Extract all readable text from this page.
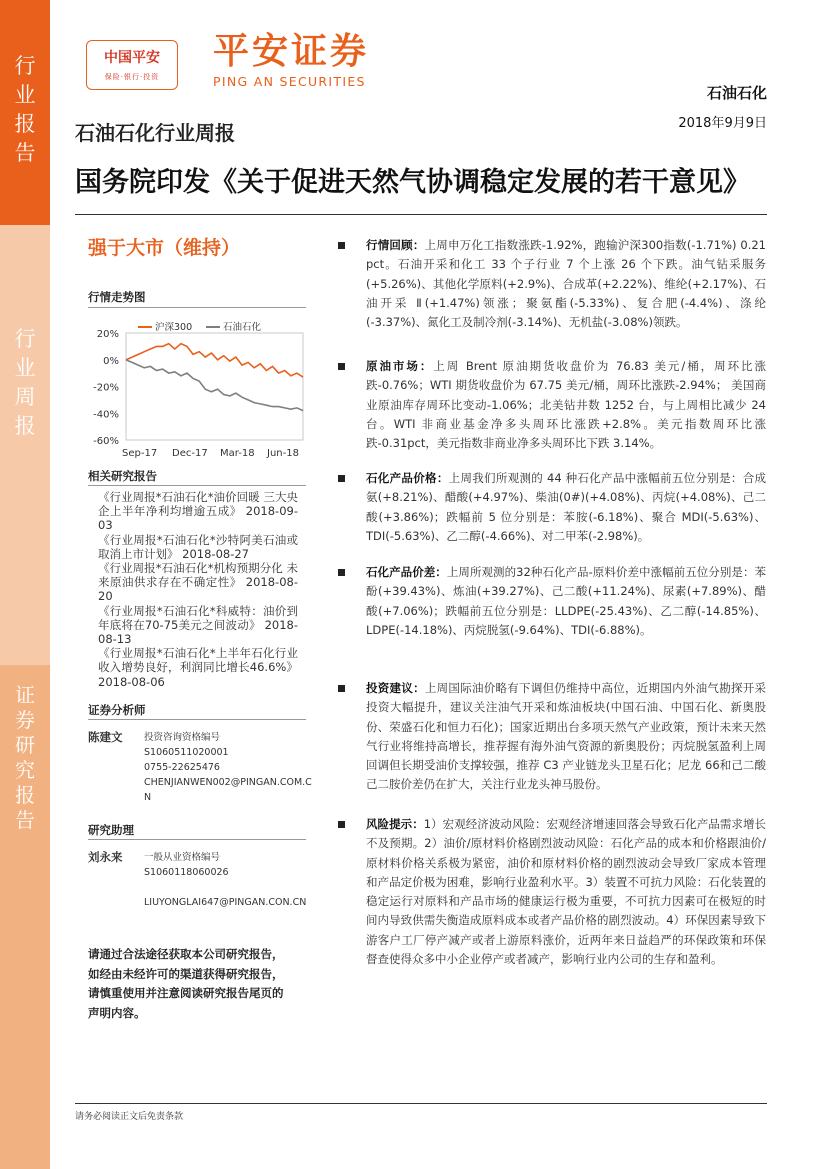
行业报告
行业周报
证券研究报告
中国平安
保险·银行·投资
平安证券
PING AN SECURITIES
石油石化
2018年9月9日
石油石化行业周报
国务院印发《关于促进天然气协调稳定发展的若干意见》
强于大市（维持）
行情走势图
20%
0%
-20%
-40%
-60%
Sep-17 Dec-17 Mar-18 Jun-18
沪深300	石油石化
相关研究报告

《行业周报*石油石化*油价回暖 三大央企上半年净利均增逾五成》 2018-09-03

《行业周报*石油石化*沙特阿美石油或取消上市计划》 2018-08-27

《行业周报*石油石化*机构预期分化 未来原油供求存在不确定性》 2018-08-20

《行业周报*石油石化*科威特：油价到年底将在70-75美元之间波动》 2018-08-13

《行业周报*石油石化*上半年石化行业收入增势良好，利润同比增长46.6%》 2018-08-06

证券分析师
陈建文 投资咨询资格编号
S1060511020001
0755-22625476
CHENJIANWEN002@PINGAN.COM.CN
研究助理
刘永来 一般从业资格编号
S1060118060026

LIUYONGLAI647@PINGAN.CON.CN
请通过合法途径获取本公司研究报告，如经由未经许可的渠道获得研究报告，请慎重使用并注意阅读研究报告尾页的声明内容。
行情回顾：上周申万化工指数涨跌-1.92%，跑输沪深300指数(-1.71%) 0.21 pct。石油开采和化工 33 个子行业 7 个上涨 26 个下跌。油气钻采服务(+5.26%)、其他化学原料(+2.9%)、合成革(+2.22%)、维纶(+2.17%)、石油开采 Ⅱ(+1.47%)领涨；聚氨酯(-5.33%)、复合肥(-4.4%)、涤纶(-3.37%)、氮化工及制冷剂(-3.14%)、无机盐(-3.08%)领跌。
原油市场：上周 Brent 原油期货收盘价为 76.83 美元/桶，周环比涨跌-0.76%；WTI 期货收盘价为 67.75 美元/桶，周环比涨跌-2.94%； 美国商业原油库存周环比变动-1.06%；北美钻井数 1252 台，与上周相比减少 24 台。WTI 非商业基金净多头周环比涨跌+2.8%。美元指数周环比涨跌-0.31pct，美元指数非商业净多头周环比下跌 3.14%。
石化产品价格：上周我们所观测的 44 种石化产品中涨幅前五位分别是：合成氨(+8.21%)、醋酸(+4.97%)、柴油(0#)(+4.08%)、丙烷(+4.08%)、己二酸(+3.86%)；跌幅前 5 位分别是：苯胺(-6.18%)、聚合 MDI(-5.63%)、TDI(-5.63%)、乙二醇(-4.66%)、对二甲苯(-2.98%)。
石化产品价差：上周所观测的32种石化产品-原料价差中涨幅前五位分别是：苯酚(+39.43%)、炼油(+39.27%)、己二酸(+11.24%)、尿素(+7.89%)、醋酸(+7.06%)；跌幅前五位分别是：LLDPE(-25.43%)、乙二醇(-14.85%)、LDPE(-14.18%)、丙烷脱氢(-9.64%)、TDI(-6.88%)。
投资建议：上周国际油价略有下调但仍维持中高位，近期国内外油气勘探开采投资大幅提升，建议关注油气开采和炼油板块(中国石油、中国石化、新奥股份、荣盛石化和恒力石化)；国家近期出台多项天然气产业政策，预计未来天然气行业将维持高增长，推荐握有海外油气资源的新奥股份；丙烷脱氢盈利上周回调但长期受油价支撑较强，推荐 C3 产业链龙头卫星石化；尼龙 66和己二酸己二胺价差仍在扩大，关注行业龙头神马股份。
风险提示：1）宏观经济波动风险：宏观经济增速回落会导致石化产品需求增长不及预期。2）油价/原材料价格剧烈波动风险：石化产品的成本和价格跟油价/原材料价格关系极为紧密，油价和原材料价格的剧烈波动会导致厂家成本管理和产品定价极为困难，影响行业盈利水平。3）装置不可抗力风险：石化装置的稳定运行对原料和产品市场的健康运行极为重要，不可抗力因素可在极短的时间内导致供需失衡造成原料成本或者产品价格的剧烈波动。4）环保因素导致下游客户工厂停产减产或者上游原料涨价，近两年来日益趋严的环保政策和环保督查使得众多中小企业停产或者减产，影响行业内公司的生存和盈利。
请务必阅读正文后免责条款
